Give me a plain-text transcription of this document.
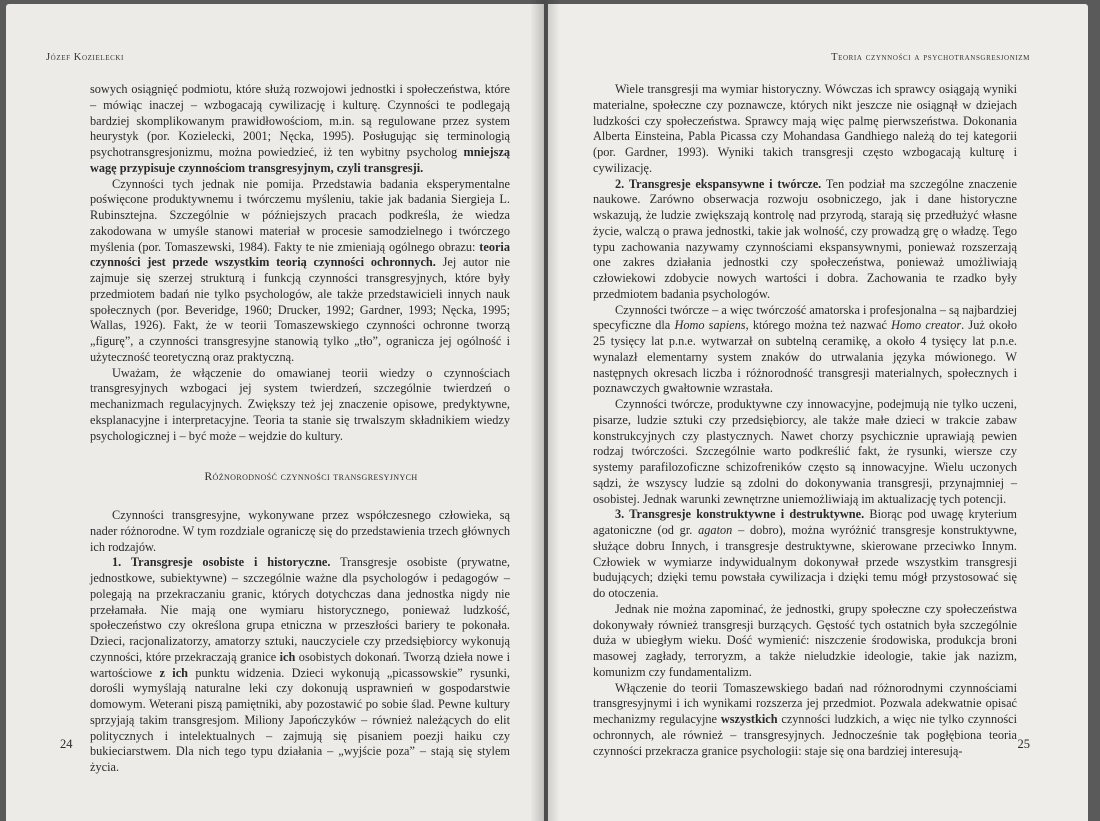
Józef Kozielecki

sowych osiągnięć podmiotu, które służą rozwojowi jednostki i społeczeństwa, które – mówiąc inaczej – wzbogacają cywilizację i kulturę. Czynności te podlegają bardziej skomplikowanym prawidłowościom, m.in. są regulowane przez system heurystyk (por. Kozielecki, 2001; Nęcka, 1995). Posługując się terminologią psychotransgresjonizmu, można powiedzieć, iż ten wybitny psycholog mniejszą wagę przypisuje czynnościom transgresyjnym, czyli transgresji.

Czynności tych jednak nie pomija. Przedstawia badania eksperymentalne poświęcone produktywnemu i twórczemu myśleniu, takie jak badania Siergieja L. Rubinsztejna. Szczególnie w późniejszych pracach podkreśla, że wiedza zakodowana w umyśle stanowi materiał w procesie samodzielnego i twórczego myślenia (por. Tomaszewski, 1984). Fakty te nie zmieniają ogólnego obrazu: teoria czynności jest przede wszystkim teorią czynności ochronnych. Jej autor nie zajmuje się szerzej strukturą i funkcją czynności transgresyjnych, które były przedmiotem badań nie tylko psychologów, ale także przedstawicieli innych nauk społecznych (por. Beveridge, 1960; Drucker, 1992; Gardner, 1993; Nęcka, 1995; Wallas, 1926). Fakt, że w teorii Tomaszewskiego czynności ochronne tworzą „figurę”, a czynności transgresyjne stanowią tylko „tło”, ogranicza jej ogólność i użyteczność teoretyczną oraz praktyczną.

Uważam, że włączenie do omawianej teorii wiedzy o czynnościach transgresyjnych wzbogaci jej system twierdzeń, szczególnie twierdzeń o mechanizmach regulacyjnych. Zwiększy też jej znaczenie opisowe, predyktywne, eksplanacyjne i interpretacyjne. Teoria ta stanie się trwalszym składnikiem wiedzy psychologicznej i – być może – wejdzie do kultury.

Różnorodność czynności transgresyjnych

Czynności transgresyjne, wykonywane przez współczesnego człowieka, są nader różnorodne. W tym rozdziale ograniczę się do przedstawienia trzech głównych ich rodzajów.

1. Transgresje osobiste i historyczne. Transgresje osobiste (prywatne, jednostkowe, subiektywne) – szczególnie ważne dla psychologów i pedagogów – polegają na przekraczaniu granic, których dotychczas dana jednostka nigdy nie przełamała. Nie mają one wymiaru historycznego, ponieważ ludzkość, społeczeństwo czy określona grupa etniczna w przeszłości bariery te pokonała. Dzieci, racjonalizatorzy, amatorzy sztuki, nauczyciele czy przedsiębiorcy wykonują czynności, które przekraczają granice ich osobistych dokonań. Tworzą dzieła nowe i wartościowe z ich punktu widzenia. Dzieci wykonują „picassowskie” rysunki, dorośli wymyślają naturalne leki czy dokonują usprawnień w gospodarstwie domowym. Weterani piszą pamiętniki, aby pozostawić po sobie ślad. Pewne kultury sprzyjają takim transgresjom. Miliony Japończyków – również należących do elit politycznych i intelektualnych – zajmują się pisaniem poezji haiku czy bukieciarstwem. Dla nich tego typu działania – „wyjście poza” – stają się stylem życia.

24
Teoria czynności a psychotransgresjonizm

Wiele transgresji ma wymiar historyczny. Wówczas ich sprawcy osiągają wyniki materialne, społeczne czy poznawcze, których nikt jeszcze nie osiągnął w dziejach ludzkości czy społeczeństwa. Sprawcy mają więc palmę pierwszeństwa. Dokonania Alberta Einsteina, Pabla Picassa czy Mohandasa Gandhiego należą do tej kategorii (por. Gardner, 1993). Wyniki takich transgresji często wzbogacają kulturę i cywilizację.

2. Transgresje ekspansywne i twórcze. Ten podział ma szczególne znaczenie naukowe. Zarówno obserwacja rozwoju osobniczego, jak i dane historyczne wskazują, że ludzie zwiększają kontrolę nad przyrodą, starają się przedłużyć własne życie, walczą o prawa jednostki, takie jak wolność, czy prowadzą grę o władzę. Tego typu zachowania nazywamy czynnościami ekspansywnymi, ponieważ rozszerzają one zakres działania jednostki czy społeczeństwa, ponieważ umożliwiają człowiekowi zdobycie nowych wartości i dobra. Zachowania te rzadko były przedmiotem badania psychologów.

Czynności twórcze – a więc twórczość amatorska i profesjonalna – są najbardziej specyficzne dla Homo sapiens, którego można też nazwać Homo creator. Już około 25 tysięcy lat p.n.e. wytwarzał on subtelną ceramikę, a około 4 tysięcy lat p.n.e. wynalazł elementarny system znaków do utrwalania języka mówionego. W następnych okresach liczba i różnorodność transgresji materialnych, społecznych i poznawczych gwałtownie wzrastała.

Czynności twórcze, produktywne czy innowacyjne, podejmują nie tylko uczeni, pisarze, ludzie sztuki czy przedsiębiorcy, ale także małe dzieci w trakcie zabaw konstrukcyjnych czy plastycznych. Nawet chorzy psychicznie uprawiają pewien rodzaj twórczości. Szczególnie warto podkreślić fakt, że rysunki, wiersze czy systemy parafilozoficzne schizofreników często są innowacyjne. Wielu uczonych sądzi, że wszyscy ludzie są zdolni do dokonywania transgresji, przynajmniej – osobistej. Jednak warunki zewnętrzne uniemożliwiają im aktualizację tych potencji.

3. Transgresje konstruktywne i destruktywne. Biorąc pod uwagę kryterium agatoniczne (od gr. agaton – dobro), można wyróżnić transgresje konstruktywne, służące dobru Innych, i transgresje destruktywne, skierowane przeciwko Innym. Człowiek w wymiarze indywidualnym dokonywał przede wszystkim transgresji budujących; dzięki temu powstała cywilizacja i dzięki temu mógł przystosować się do otoczenia.

Jednak nie można zapominać, że jednostki, grupy społeczne czy społeczeństwa dokonywały również transgresji burzących. Gęstość tych ostatnich była szczególnie duża w ubiegłym wieku. Dość wymienić: niszczenie środowiska, produkcja broni masowej zagłady, terroryzm, a także nieludzkie ideologie, takie jak nazizm, komunizm czy fundamentalizm.

Włączenie do teorii Tomaszewskiego badań nad różnorodnymi czynnościami transgresyjnymi i ich wynikami rozszerza jej przedmiot. Pozwala adekwatnie opisać mechanizmy regulacyjne wszystkich czynności ludzkich, a więc nie tylko czynności ochronnych, ale również – transgresyjnych. Jednocześnie tak pogłębiona teoria czynności przekracza granice psychologii: staje się ona bardziej interesują-	25
